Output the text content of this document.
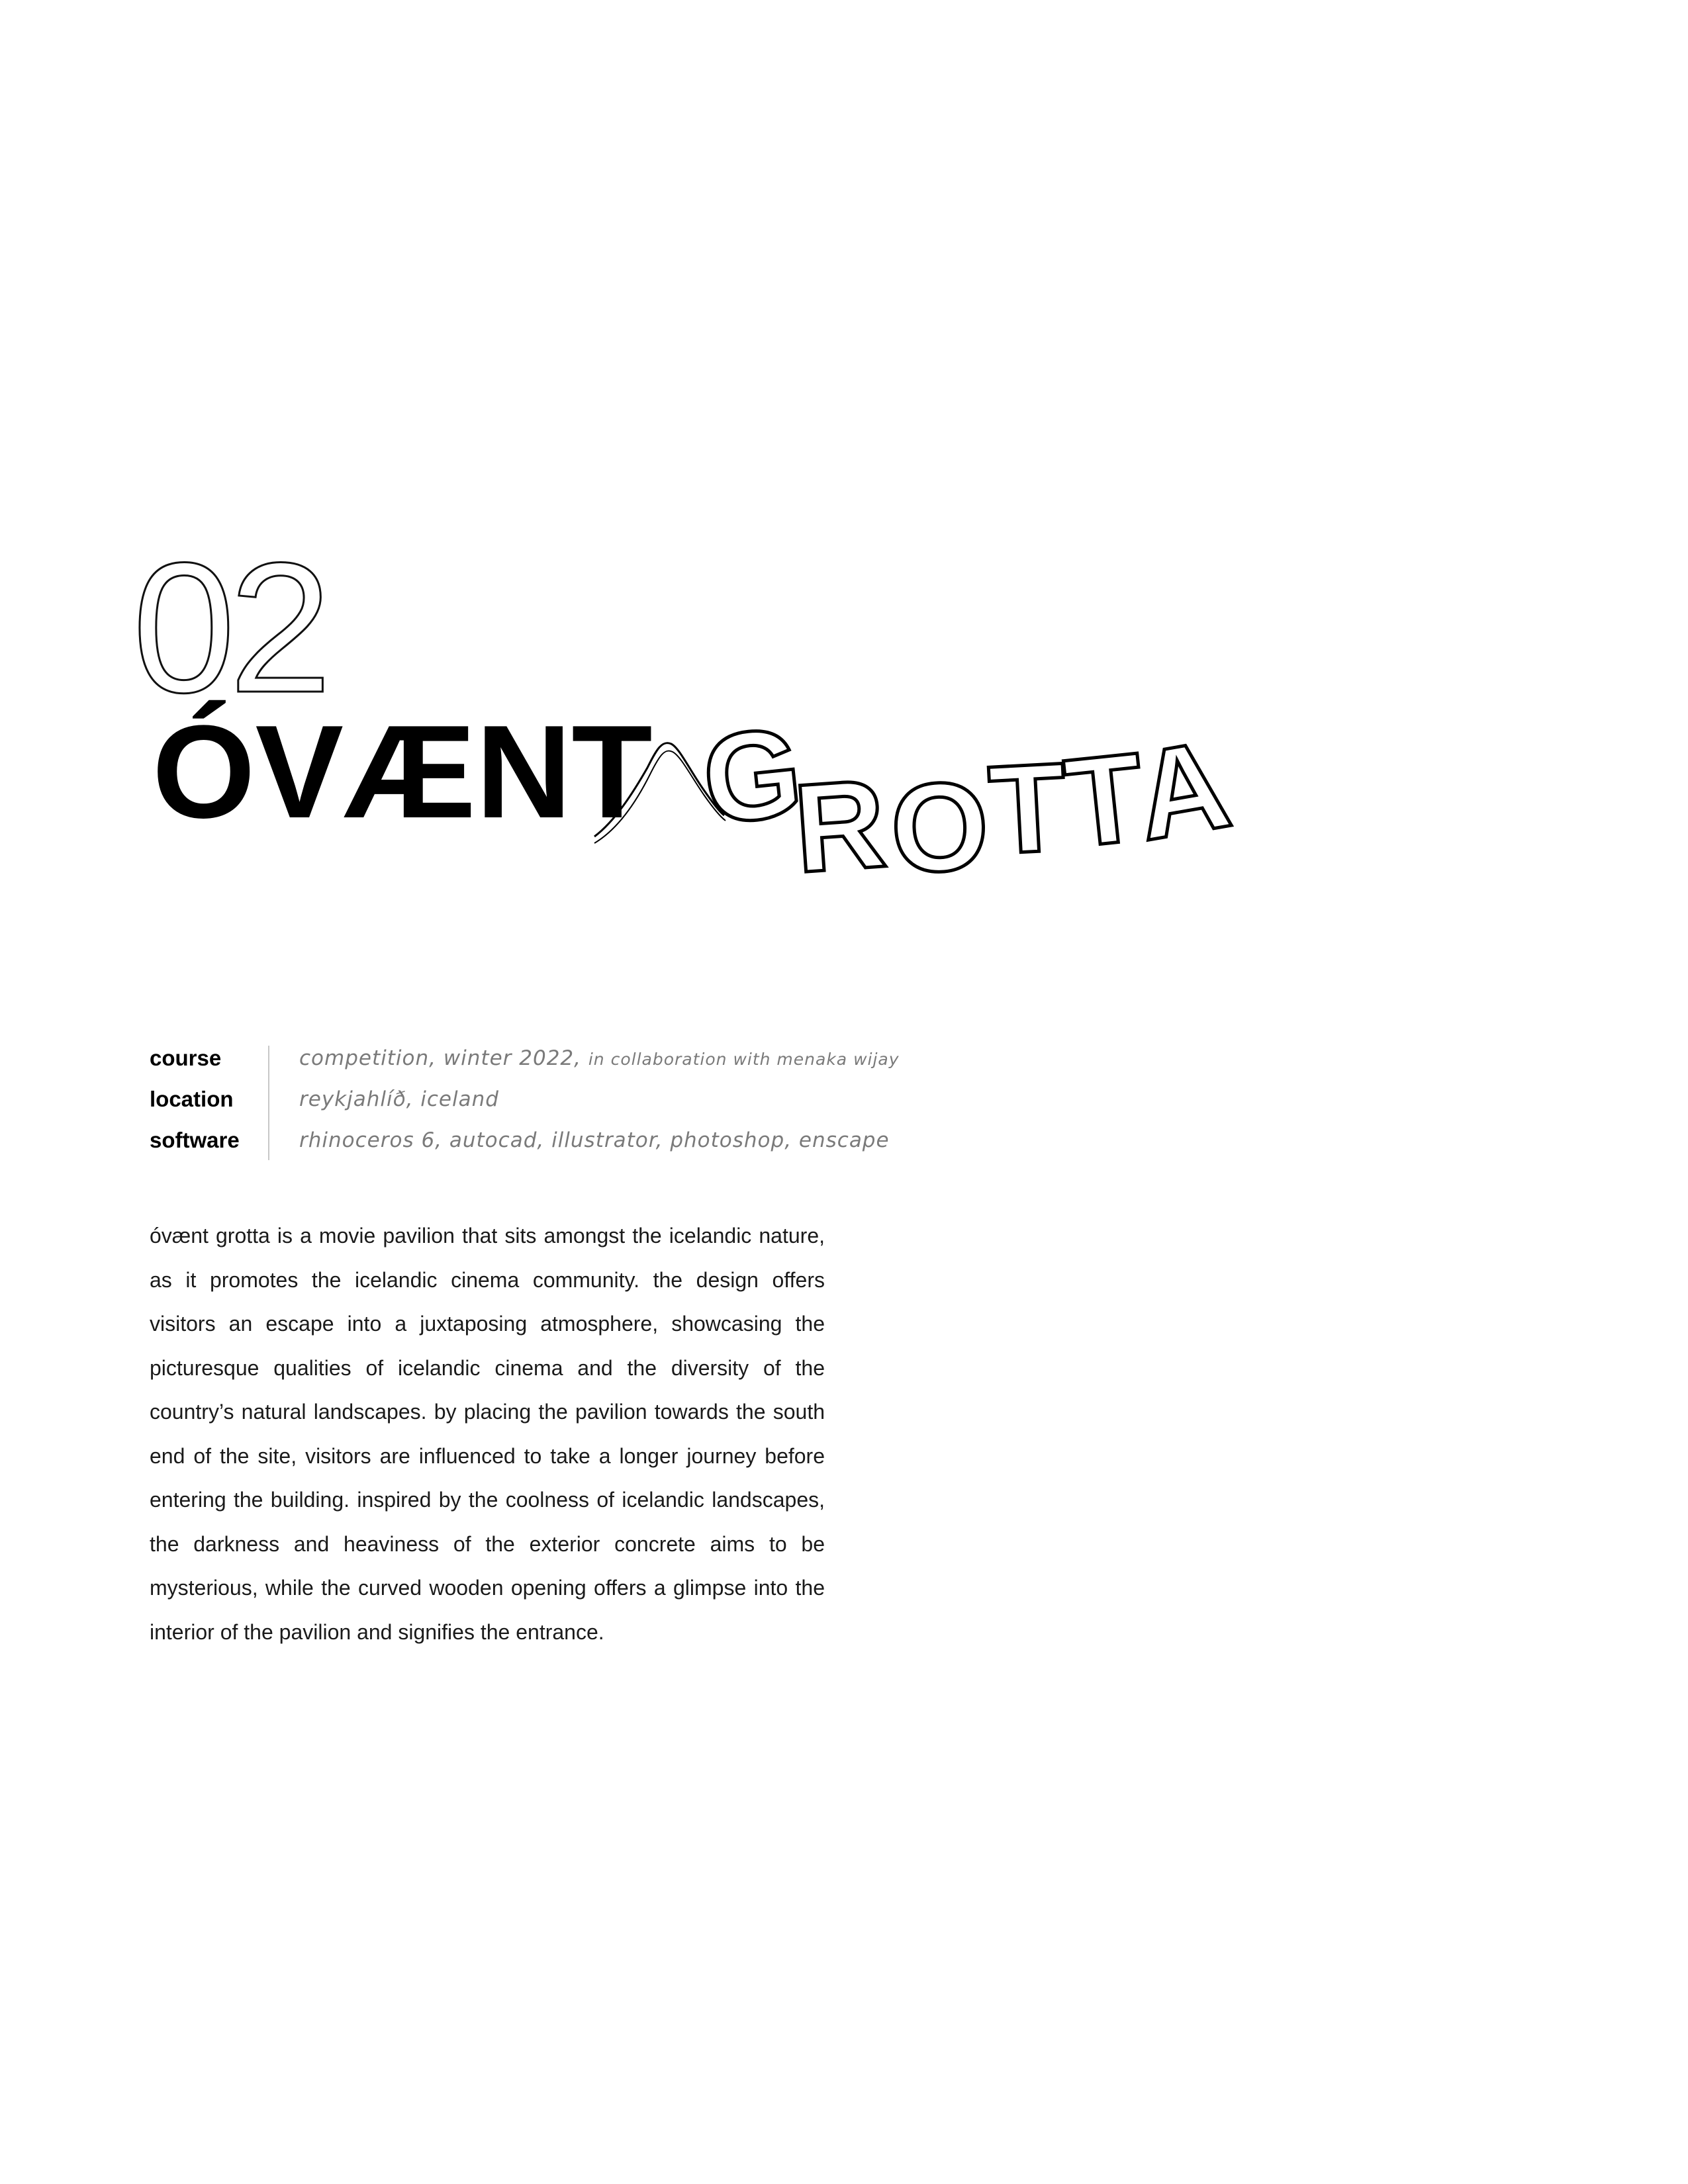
02
ÓVÆNT G
R
O
T
T
A
course
location
software
competition, winter 2022, in collaboration with menaka wijay
reykjahlíð, iceland
rhinoceros 6, autocad, illustrator, photoshop, enscape

óvænt grotta is a movie pavilion that sits amongst the icelandic nature, as it promotes the icelandic cinema community. the design offers visitors an escape into a juxtaposing atmosphere, showcasing the picturesque qualities of icelandic cinema and the diversity of the country’s natural landscapes. by placing the pavilion towards the south end of the site, visitors are influenced to take a longer journey before entering the building. inspired by the coolness of icelandic landscapes, the darkness and heaviness of the exterior concrete aims to be mysterious, while the curved wooden opening offers a glimpse into the interior of the pavilion and signifies the entrance.
